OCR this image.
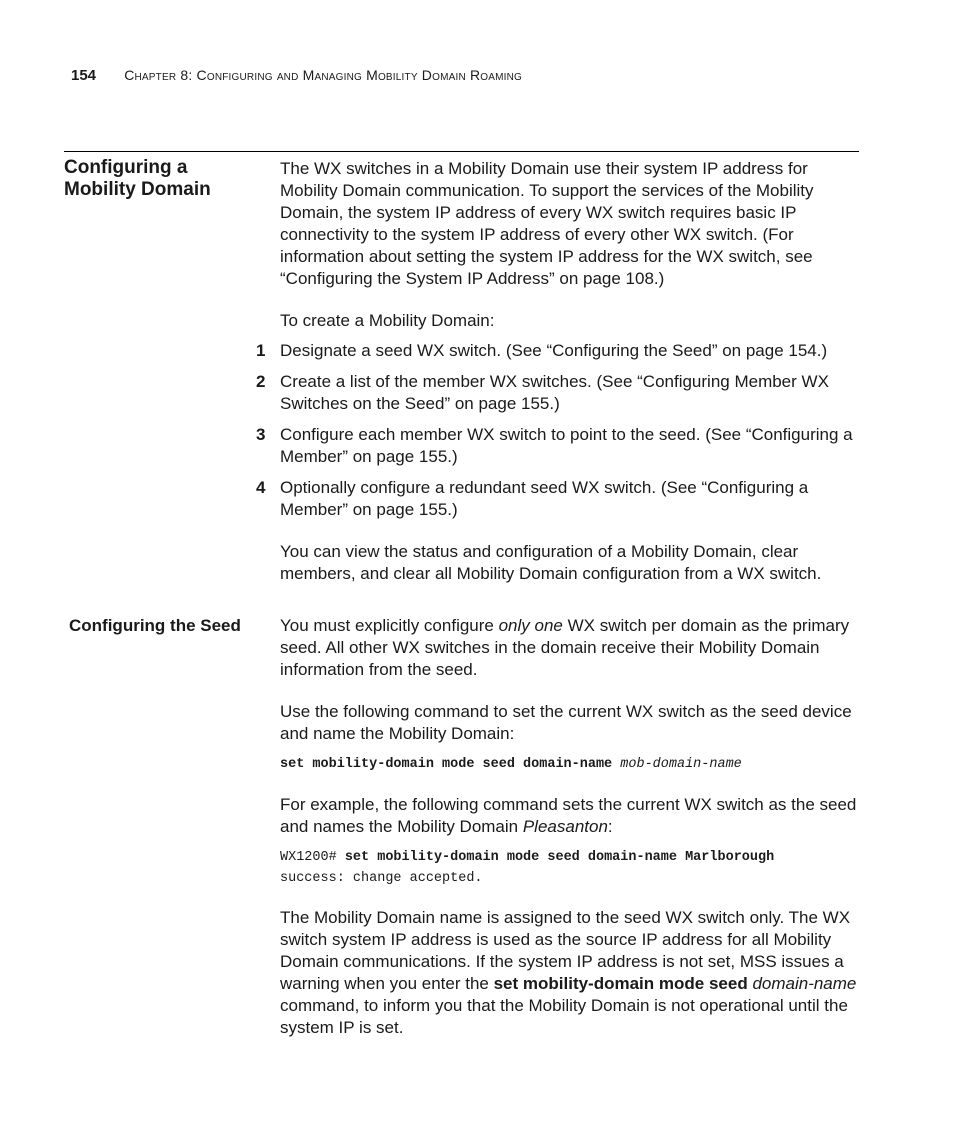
154 Chapter 8: Configuring and Managing Mobility Domain Roaming
Configuring a
Mobility Domain
The WX switches in a Mobility Domain use their system IP address for Mobility Domain communication. To support the services of the Mobility Domain, the system IP address of every WX switch requires basic IP connectivity to the system IP address of every other WX switch. (For information about setting the system IP address for the WX switch, see “Configuring the System IP Address” on page 108.)
To create a Mobility Domain:
1 Designate a seed WX switch. (See “Configuring the Seed” on page 154.)
2 Create a list of the member WX switches. (See “Configuring Member WX Switches on the Seed” on page 155.)
3 Configure each member WX switch to point to the seed. (See “Configuring a Member” on page 155.)
4 Optionally configure a redundant seed WX switch. (See “Configuring a Member” on page 155.)
You can view the status and configuration of a Mobility Domain, clear members, and clear all Mobility Domain configuration from a WX switch.
Configuring the Seed You must explicitly configure only one WX switch per domain as the primary seed. All other WX switches in the domain receive their Mobility Domain information from the seed.
Use the following command to set the current WX switch as the seed device and name the Mobility Domain:
set mobility-domain mode seed domain-name mob-domain-name
For example, the following command sets the current WX switch as the seed and names the Mobility Domain Pleasanton:
WX1200# set mobility-domain mode seed domain-name Marlborough
success: change accepted.
The Mobility Domain name is assigned to the seed WX switch only. The WX switch system IP address is used as the source IP address for all Mobility Domain communications. If the system IP address is not set, MSS issues a warning when you enter the set mobility-domain mode seed domain-name command, to inform you that the Mobility Domain is not operational until the system IP is set.
